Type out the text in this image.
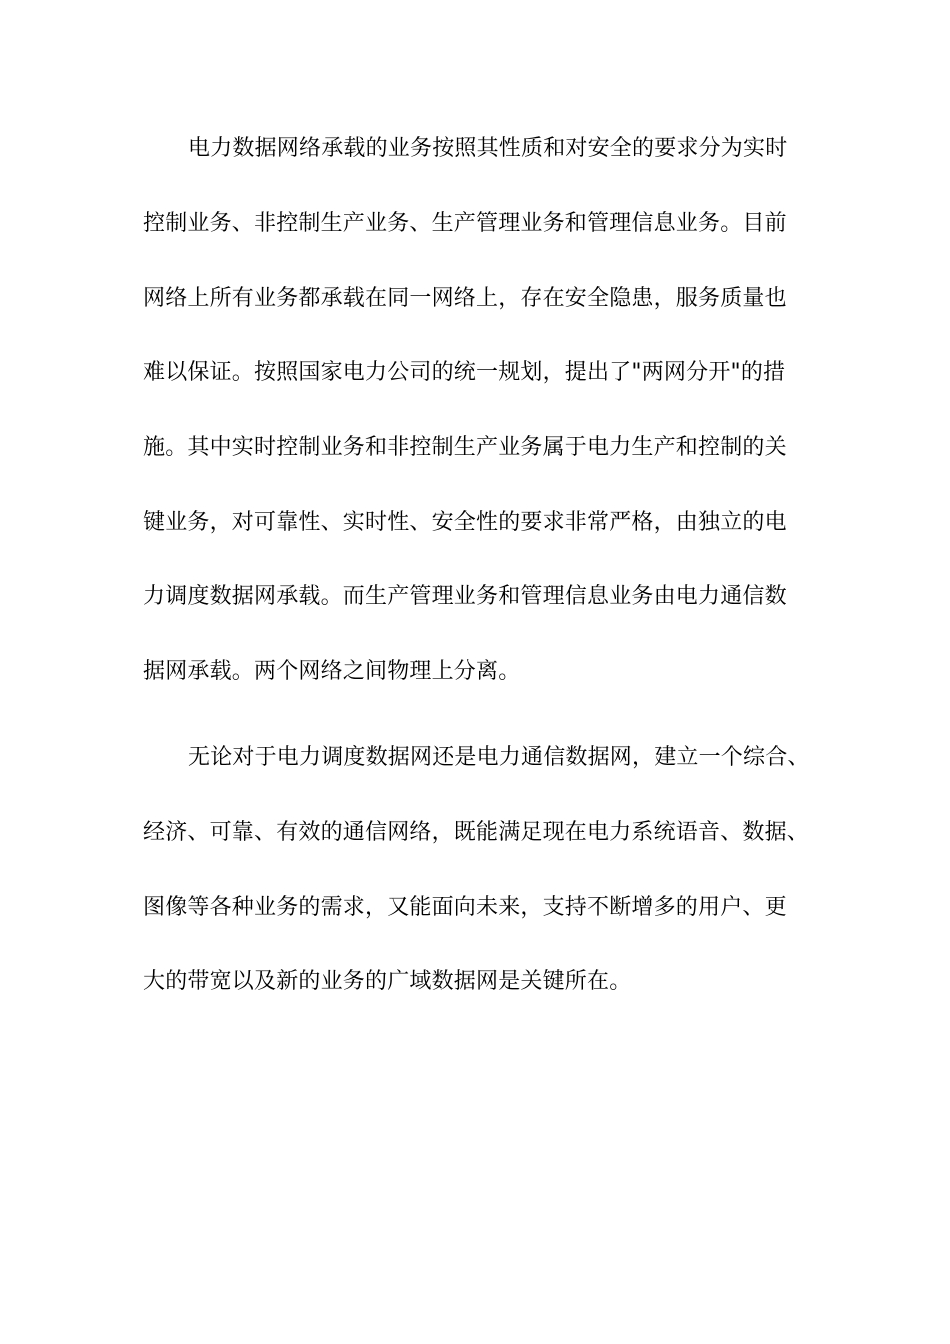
电力数据网络承载的业务按照其性质和对安全的要求分为实时
控制业务、非控制生产业务、生产管理业务和管理信息业务。目前
网络上所有业务都承载在同一网络上，存在安全隐患，服务质量也
难以保证。按照国家电力公司的统一规划，提出了"两网分开"的措
施。其中实时控制业务和非控制生产业务属于电力生产和控制的关
键业务，对可靠性、实时性、安全性的要求非常严格，由独立的电
力调度数据网承载。而生产管理业务和管理信息业务由电力通信数
据网承载。两个网络之间物理上分离。
无论对于电力调度数据网还是电力通信数据网，建立一个综合、
经济、可靠、有效的通信网络，既能满足现在电力系统语音、数据、
图像等各种业务的需求，又能面向未来，支持不断增多的用户、更
大的带宽以及新的业务的广域数据网是关键所在。
